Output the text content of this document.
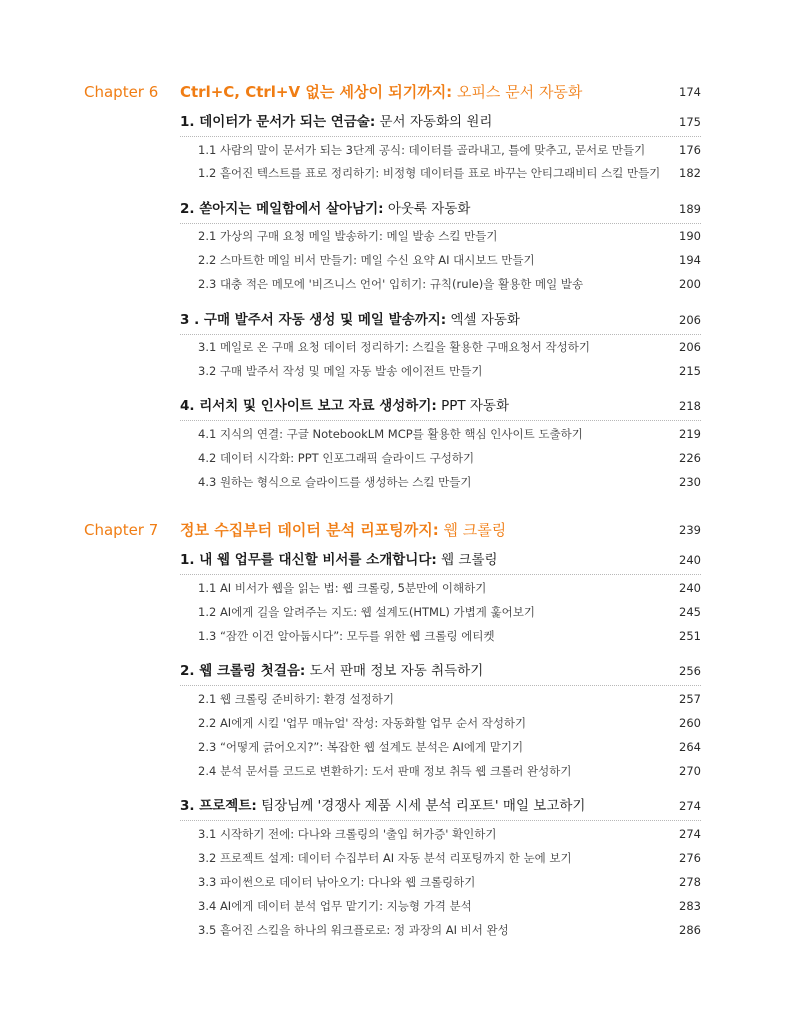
Chapter 6 Ctrl+C, Ctrl+V 없는 세상이 되기까지: 오피스 문서 자동화	174
1. 데이터가 문서가 되는 연금술: 문서 자동화의 원리	175
1.1 사람의 말이 문서가 되는 3단계 공식: 데이터를 골라내고, 틀에 맞추고, 문서로 만들기	176
1.2 흩어진 텍스트를 표로 정리하기: 비정형 데이터를 표로 바꾸는 안티그래비티 스킬 만들기 182
2. 쏟아지는 메일함에서 살아남기: 아웃룩 자동화	189
2.1 가상의 구매 요청 메일 발송하기: 메일 발송 스킬 만들기	190
2.2 스마트한 메일 비서 만들기: 메일 수신 요약 AI 대시보드 만들기	194
2.3 대충 적은 메모에 '비즈니스 언어' 입히기: 규칙(rule)을 활용한 메일 발송	200
3 . 구매 발주서 자동 생성 및 메일 발송까지: 엑셀 자동화	206
3.1 메일로 온 구매 요청 데이터 정리하기: 스킬을 활용한 구매요청서 작성하기	206
3.2 구매 발주서 작성 및 메일 자동 발송 에이전트 만들기	215
4. 리서치 및 인사이트 보고 자료 생성하기: PPT 자동화	218
4.1 지식의 연결: 구글 NotebookLM MCP를 활용한 핵심 인사이트 도출하기	219
4.2 데이터 시각화: PPT 인포그래픽 슬라이드 구성하기	226
4.3 원하는 형식으로 슬라이드를 생성하는 스킬 만들기	230
Chapter 7 정보 수집부터 데이터 분석 리포팅까지: 웹 크롤링	239
1. 내 웹 업무를 대신할 비서를 소개합니다: 웹 크롤링	240
1.1 AI 비서가 웹을 읽는 법: 웹 크롤링, 5분만에 이해하기	240
1.2 AI에게 길을 알려주는 지도: 웹 설계도(HTML) 가볍게 훑어보기	245
1.3 “잠깐 이건 알아둡시다”: 모두를 위한 웹 크롤링 에티켓	251
2. 웹 크롤링 첫걸음: 도서 판매 정보 자동 취득하기	256
2.1 웹 크롤링 준비하기: 환경 설정하기	257
2.2 AI에게 시킬 '업무 매뉴얼' 작성: 자동화할 업무 순서 작성하기	260
2.3 “어떻게 긁어오지?”: 복잡한 웹 설계도 분석은 AI에게 맡기기	264
2.4 분석 문서를 코드로 변환하기: 도서 판매 정보 취득 웹 크롤러 완성하기	270
3. 프로젝트: 팀장님께 '경쟁사 제품 시세 분석 리포트' 매일 보고하기	274
3.1 시작하기 전에: 다나와 크롤링의 '출입 허가증' 확인하기	274
3.2 프로젝트 설계: 데이터 수집부터 AI 자동 분석 리포팅까지 한 눈에 보기	276
3.3 파이썬으로 데이터 낚아오기: 다나와 웹 크롤링하기	278
3.4 AI에게 데이터 분석 업무 맡기기: 지능형 가격 분석	283
3.5 흩어진 스킬을 하나의 워크플로로: 정 과장의 AI 비서 완성	286
